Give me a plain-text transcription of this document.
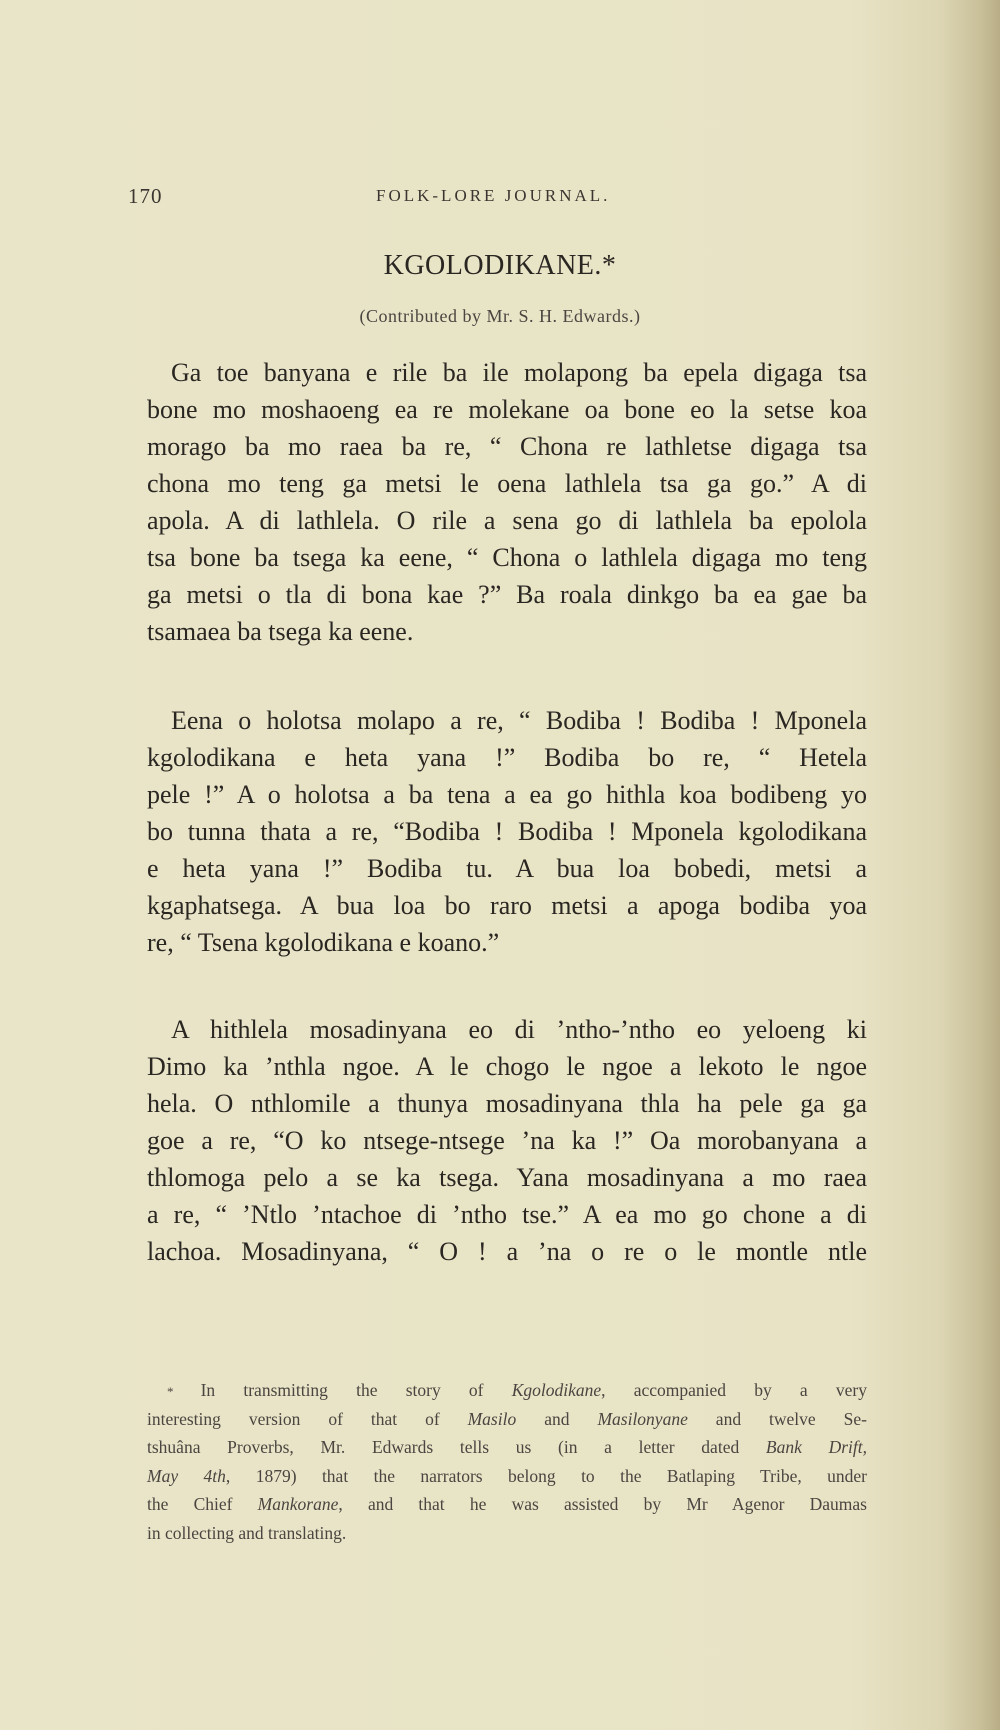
170	FOLK-LORE JOURNAL.
KGOLODIKANE.*
(Contributed by Mr. S. H. Edwards.)
Ga toe banyana e rile ba ile molapong ba epela digaga tsa
bone mo moshaoeng ea re molekane oa bone eo la setse koa
morago ba mo raea ba re, “ Chona re lathletse digaga tsa
chona mo teng ga metsi le oena lathlela tsa ga go.” A di
apola. A di lathlela. O rile a sena go di lathlela ba epolola
tsa bone ba tsega ka eene, “ Chona o lathlela digaga mo teng
ga metsi o tla di bona kae ?” Ba roala dinkgo ba ea gae ba
tsamaea ba tsega ka eene.
Eena o holotsa molapo a re, “ Bodiba ! Bodiba ! Mponela
kgolodikana e heta yana !” Bodiba bo re, “ Hetela
pele !” A o holotsa a ba tena a ea go hithla koa bodibeng yo
bo tunna thata a re, “Bodiba ! Bodiba ! Mponela kgolodikana
e heta yana !” Bodiba tu. A bua loa bobedi, metsi a
kgaphatsega. A bua loa bo raro metsi a apoga bodiba yoa
re, “ Tsena kgolodikana e koano.”
A hithlela mosadinyana eo di ’ntho-’ntho eo yeloeng ki
Dimo ka ’nthla ngoe. A le chogo le ngoe a lekoto le ngoe
hela. O nthlomile a thunya mosadinyana thla ha pele ga ga
goe a re, “O ko ntsege-ntsege ’na ka !” Oa morobanyana a
thlomoga pelo a se ka tsega. Yana mosadinyana a mo raea
a re, “ ’Ntlo ’ntachoe di ’ntho tse.” A ea mo go chone a di
lachoa. Mosadinyana, “ O ! a ’na o re o le montle ntle
* In transmitting the story of Kgolodikane, accompanied by a very
interesting version of that of Masilo and Masilonyane and twelve Se-
tshuâna Proverbs, Mr. Edwards tells us (in a letter dated Bank Drift,
May 4th, 1879) that the narrators belong to the Batlaping Tribe, under
the Chief Mankorane, and that he was assisted by Mr Agenor Daumas
in collecting and translating.
